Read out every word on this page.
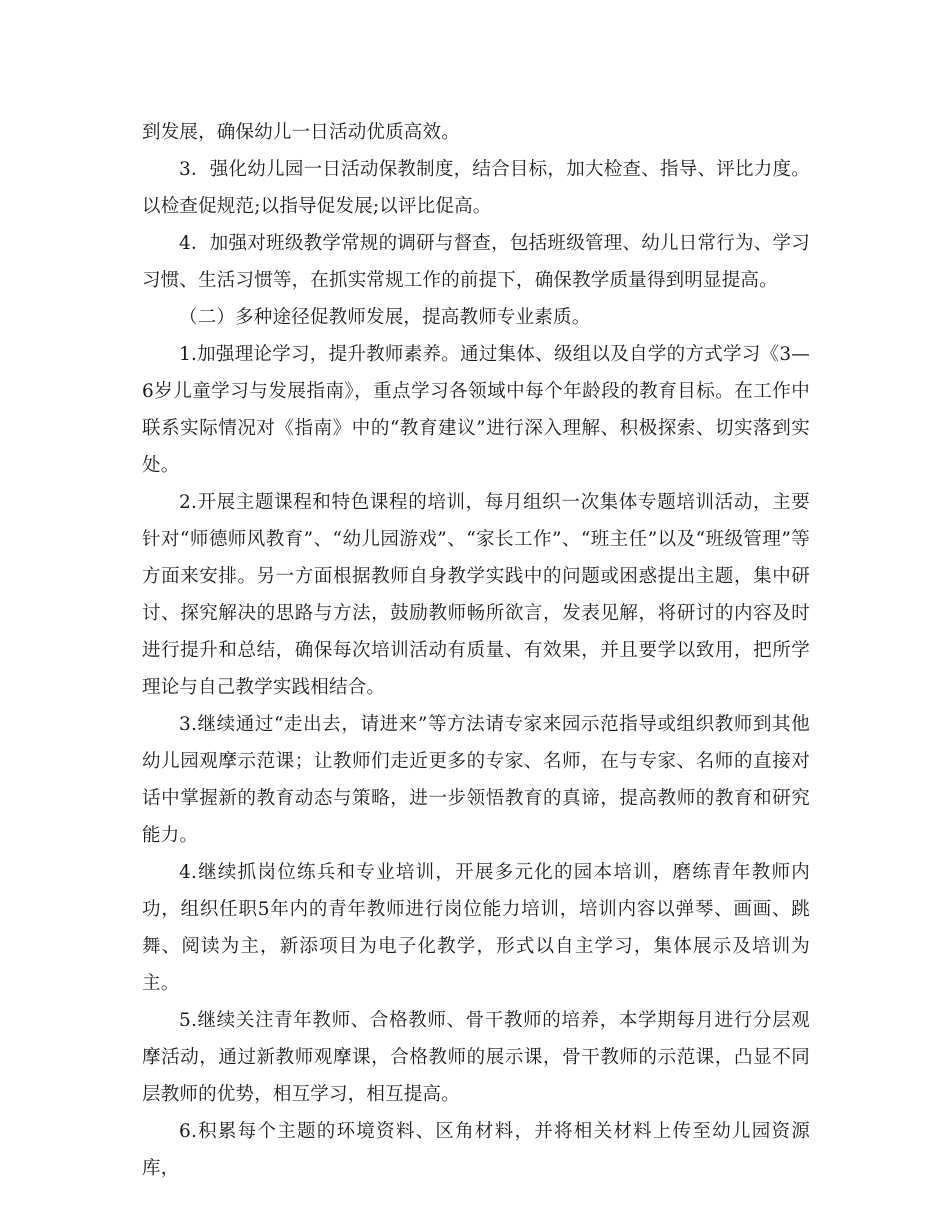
到发展，确保幼儿一日活动优质高效。

3．强化幼儿园一日活动保教制度，结合目标，加大检查、指导、评比力度。以检查促规范;以指导促发展;以评比促高。

4．加强对班级教学常规的调研与督查，包括班级管理、幼儿日常行为、学习习惯、生活习惯等，在抓实常规工作的前提下，确保教学质量得到明显提高。

（二）多种途径促教师发展，提高教师专业素质。

1.加强理论学习，提升教师素养。通过集体、级组以及自学的方式学习《3—6岁儿童学习与发展指南》，重点学习各领域中每个年龄段的教育目标。在工作中联系实际情况对《指南》中的“教育建议”进行深入理解、积极探索、切实落到实处。

2.开展主题课程和特色课程的培训，每月组织一次集体专题培训活动，主要针对“师德师风教育”、“幼儿园游戏”、“家长工作”、“班主任”以及“班级管理”等方面来安排。另一方面根据教师自身教学实践中的问题或困惑提出主题，集中研讨、探究解决的思路与方法，鼓励教师畅所欲言，发表见解，将研讨的内容及时进行提升和总结，确保每次培训活动有质量、有效果，并且要学以致用，把所学理论与自己教学实践相结合。

3.继续通过“走出去，请进来”等方法请专家来园示范指导或组织教师到其他幼儿园观摩示范课；让教师们走近更多的专家、名师，在与专家、名师的直接对话中掌握新的教育动态与策略，进一步领悟教育的真谛，提高教师的教育和研究能力。

4.继续抓岗位练兵和专业培训，开展多元化的园本培训，磨练青年教师内功，组织任职5年内的青年教师进行岗位能力培训，培训内容以弹琴、画画、跳舞、阅读为主，新添项目为电子化教学，形式以自主学习，集体展示及培训为主。

5.继续关注青年教师、合格教师、骨干教师的培养，本学期每月进行分层观摩活动，通过新教师观摩课，合格教师的展示课，骨干教师的示范课，凸显不同层教师的优势，相互学习，相互提高。

6.积累每个主题的环境资料、区角材料，并将相关材料上传至幼儿园资源库，
